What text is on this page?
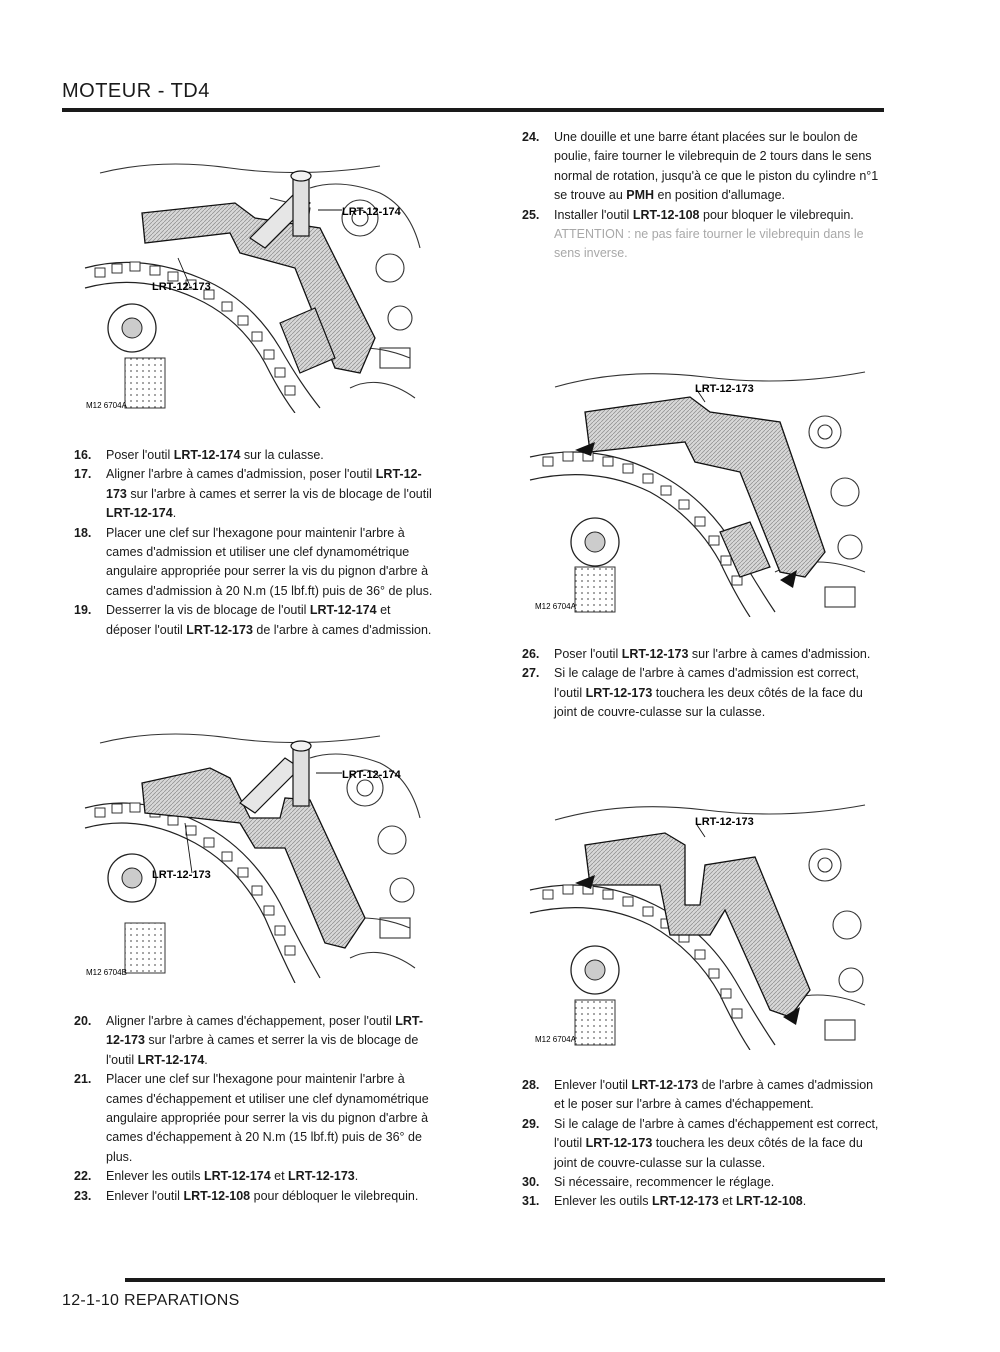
MOTEUR - TD4
LRT-12-174
LRT-12-173
M12 6704A
16. Poser l'outil LRT-12-174 sur la culasse.
17. Aligner l'arbre à cames d'admission, poser l'outil LRT-12-173 sur l'arbre à cames et serrer la vis de blocage de l'outil LRT-12-174.
18. Placer une clef sur l'hexagone pour maintenir l'arbre à cames d'admission et utiliser une clef dynamométrique angulaire appropriée pour serrer la vis du pignon d'arbre à cames d'admission à 20 N.m (15 lbf.ft) puis de 36° de plus.
19. Desserrer la vis de blocage de l'outil LRT-12-174 et déposer l'outil LRT-12-173 de l'arbre à cames d'admission.
LRT-12-174
LRT-12-173
M12 6704B
20. Aligner l'arbre à cames d'échappement, poser l'outil LRT-12-173 sur l'arbre à cames et serrer la vis de blocage de l'outil LRT-12-174.
21. Placer une clef sur l'hexagone pour maintenir l'arbre à cames d'échappement et utiliser une clef dynamométrique angulaire appropriée pour serrer la vis du pignon d'arbre à cames d'échappement à 20 N.m (15 lbf.ft) puis de 36° de plus.
22. Enlever les outils LRT-12-174 et LRT-12-173.
23. Enlever l'outil LRT-12-108 pour débloquer le vilebrequin.
24. Une douille et une barre étant placées sur le boulon de poulie, faire tourner le vilebrequin de 2 tours dans le sens normal de rotation, jusqu'à ce que le piston du cylindre n°1 se trouve au PMH en position d'allumage.
25. Installer l'outil LRT-12-108 pour bloquer le vilebrequin.
ATTENTION : ne pas faire tourner le vilebrequin dans le sens inverse.
LRT-12-173
M12 6704A
26. Poser l'outil LRT-12-173 sur l'arbre à cames d'admission.
27. Si le calage de l'arbre à cames d'admission est correct, l'outil LRT-12-173 touchera les deux côtés de la face du joint de couvre-culasse sur la culasse.
LRT-12-173
M12 6704A
28. Enlever l'outil LRT-12-173 de l'arbre à cames d'admission et le poser sur l'arbre à cames d'échappement.
29. Si le calage de l'arbre à cames d'échappement est correct, l'outil LRT-12-173 touchera les deux côtés de la face du joint de couvre-culasse sur la culasse.
30. Si nécessaire, recommencer le réglage.
31. Enlever les outils LRT-12-173 et LRT-12-108.
12-1-10 REPARATIONS
